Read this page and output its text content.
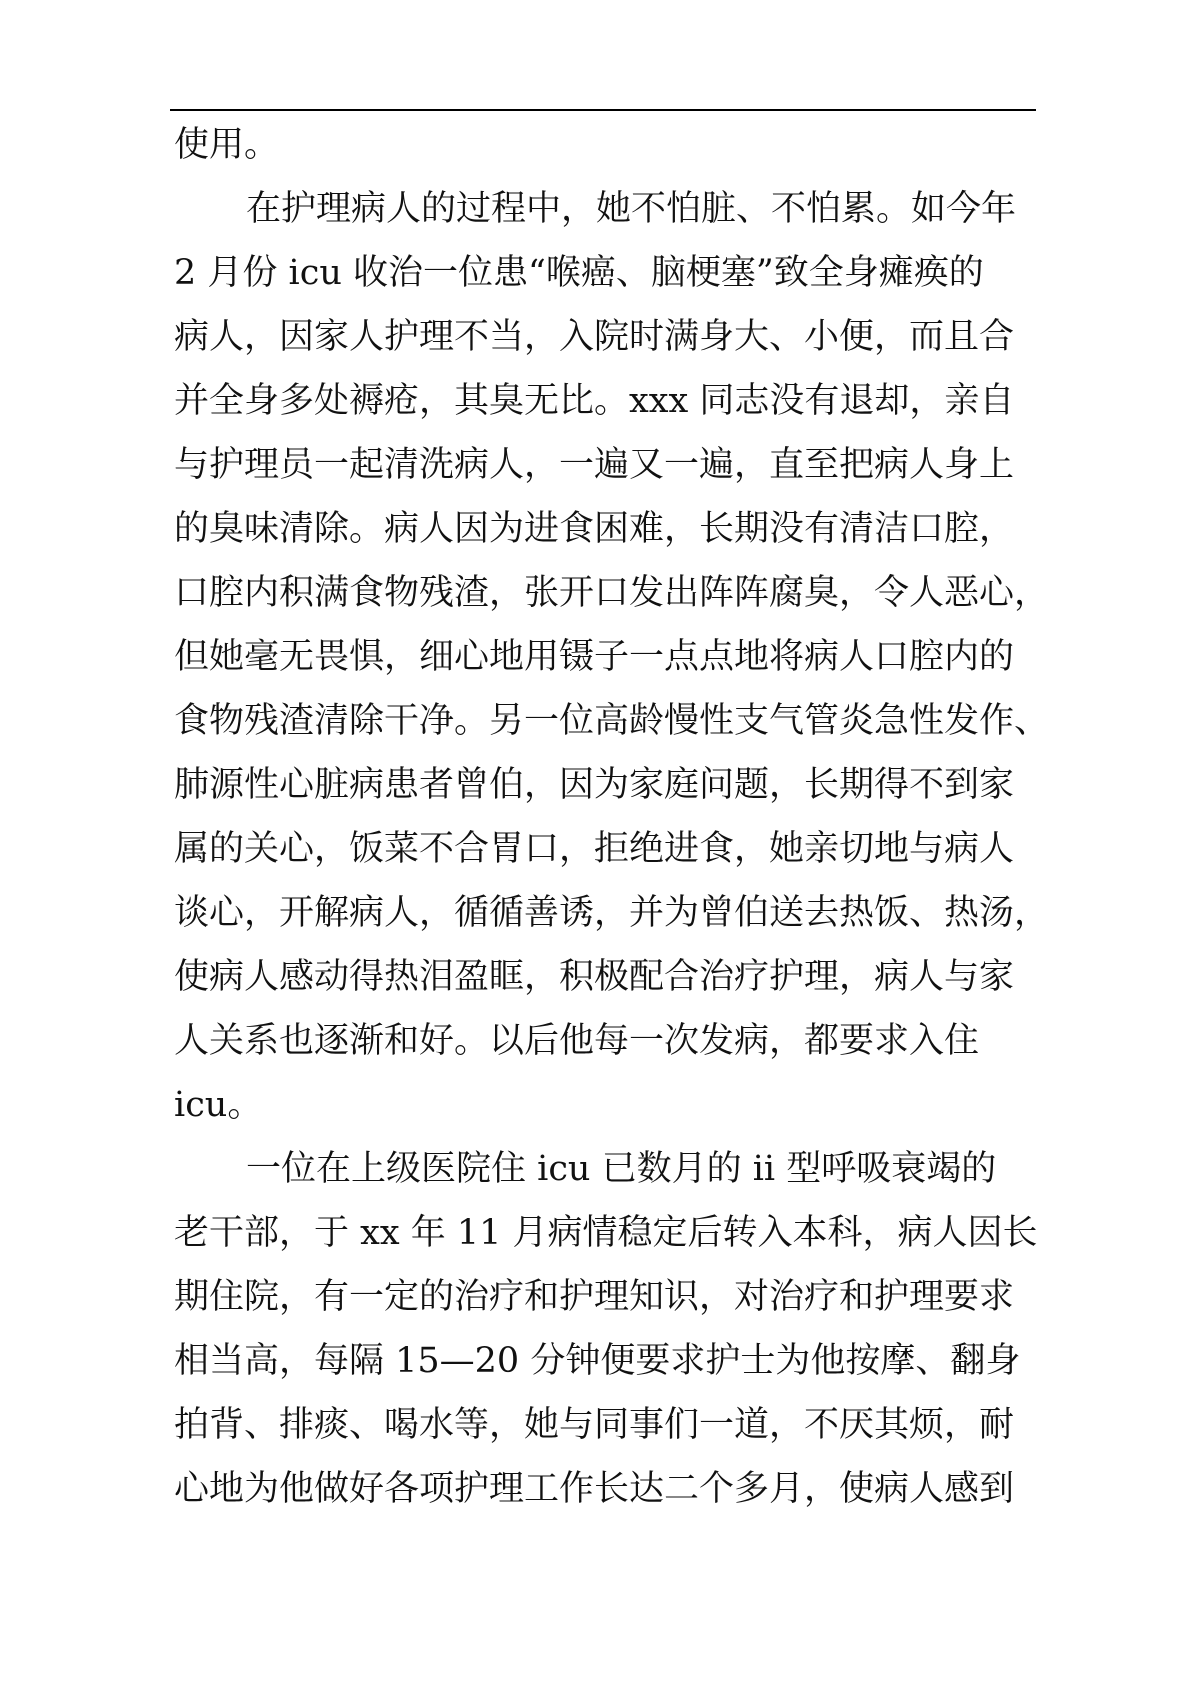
使用。
在护理病人的过程中，她不怕脏、不怕累。如今年
2 月份 icu 收治一位患“喉癌、脑梗塞”致全身瘫痪的
病人，因家人护理不当，入院时满身大、小便，而且合
并全身多处褥疮，其臭无比。xxx 同志没有退却，亲自
与护理员一起清洗病人，一遍又一遍，直至把病人身上
的臭味清除。病人因为进食困难，长期没有清洁口腔，
口腔内积满食物残渣，张开口发出阵阵腐臭，令人恶心，
但她毫无畏惧，细心地用镊子一点点地将病人口腔内的
食物残渣清除干净。另一位高龄慢性支气管炎急性发作、
肺源性心脏病患者曾伯，因为家庭问题，长期得不到家
属的关心，饭菜不合胃口，拒绝进食，她亲切地与病人
谈心，开解病人，循循善诱，并为曾伯送去热饭、热汤，
使病人感动得热泪盈眶，积极配合治疗护理，病人与家
人关系也逐渐和好。以后他每一次发病，都要求入住
icu。
一位在上级医院住 icu 已数月的 ii 型呼吸衰竭的
老干部，于 xx 年 11 月病情稳定后转入本科，病人因长
期住院，有一定的治疗和护理知识，对治疗和护理要求
相当高，每隔 15—20 分钟便要求护士为他按摩、翻身
拍背、排痰、喝水等，她与同事们一道，不厌其烦，耐
心地为他做好各项护理工作长达二个多月，使病人感到
